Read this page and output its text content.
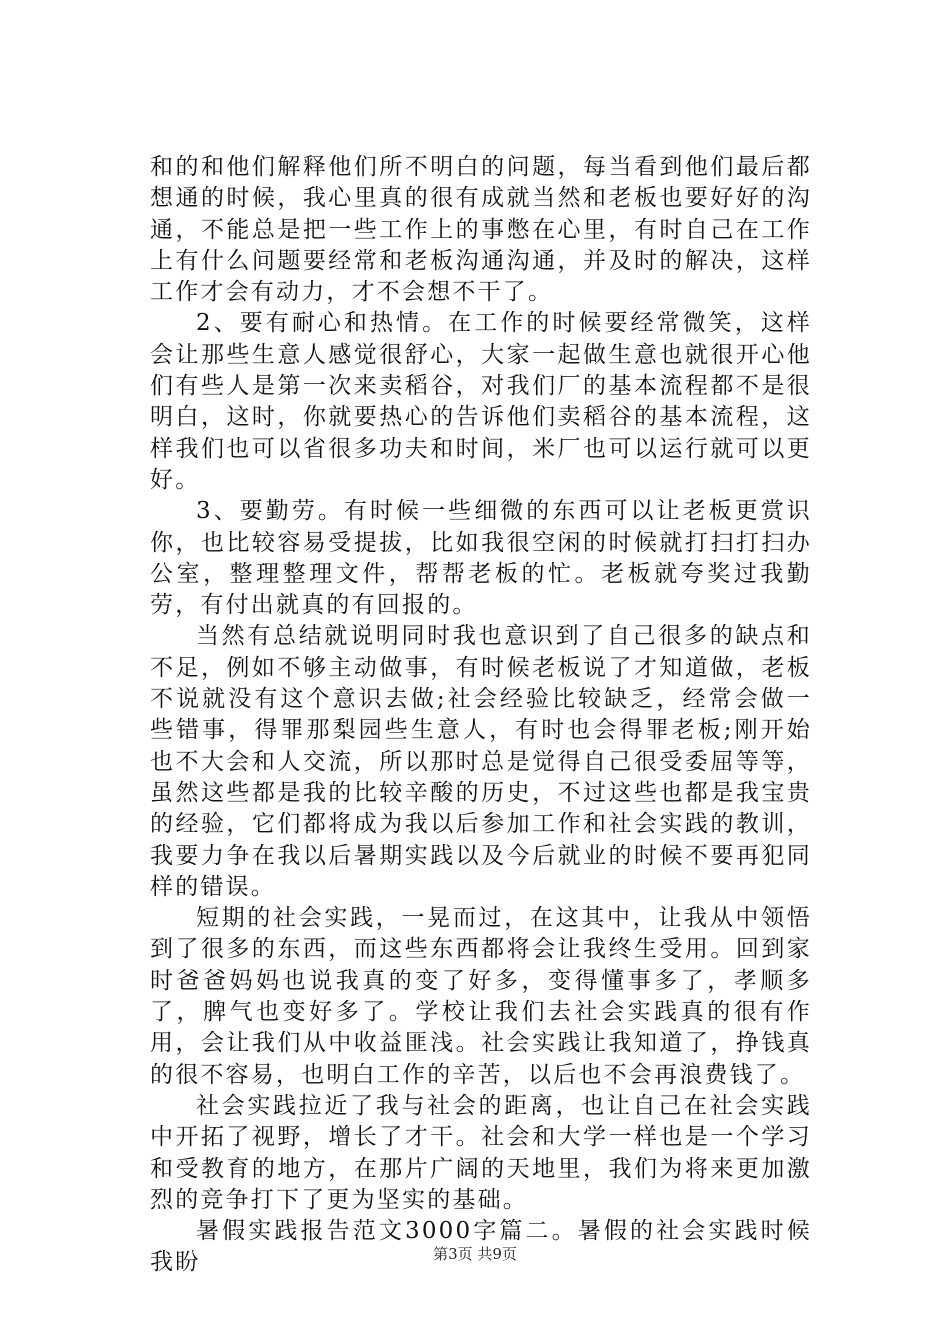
和的和他们解释他们所不明白的问题，每当看到他们最后都想通的时候，我心里真的很有成就当然和老板也要好好的沟通，不能总是把一些工作上的事憋在心里，有时自己在工作上有什么问题要经常和老板沟通沟通，并及时的解决，这样工作才会有动力，才不会想不干了。

2、要有耐心和热情。在工作的时候要经常微笑，这样会让那些生意人感觉很舒心，大家一起做生意也就很开心他们有些人是第一次来卖稻谷，对我们厂的基本流程都不是很明白，这时，你就要热心的告诉他们卖稻谷的基本流程，这样我们也可以省很多功夫和时间，米厂也可以运行就可以更好。

3、要勤劳。有时候一些细微的东西可以让老板更赏识你，也比较容易受提拔，比如我很空闲的时候就打扫打扫办公室，整理整理文件，帮帮老板的忙。老板就夸奖过我勤劳，有付出就真的有回报的。

当然有总结就说明同时我也意识到了自己很多的缺点和不足，例如不够主动做事，有时候老板说了才知道做，老板不说就没有这个意识去做;社会经验比较缺乏，经常会做一些错事，得罪那梨园些生意人，有时也会得罪老板;刚开始也不大会和人交流，所以那时总是觉得自己很受委屈等等，虽然这些都是我的比较辛酸的历史，不过这些也都是我宝贵的经验，它们都将成为我以后参加工作和社会实践的教训，我要力争在我以后暑期实践以及今后就业的时候不要再犯同样的错误。

短期的社会实践，一晃而过，在这其中，让我从中领悟到了很多的东西，而这些东西都将会让我终生受用。回到家时爸爸妈妈也说我真的变了好多，变得懂事多了，孝顺多了，脾气也变好多了。学校让我们去社会实践真的很有作用，会让我们从中收益匪浅。社会实践让我知道了，挣钱真的很不容易，也明白工作的辛苦，以后也不会再浪费钱了。

社会实践拉近了我与社会的距离，也让自己在社会实践中开拓了视野，增长了才干。社会和大学一样也是一个学习和受教育的地方，在那片广阔的天地里，我们为将来更加激烈的竞争打下了更为坚实的基础。

暑假实践报告范文3000字篇二。暑假的社会实践时候我盼	第3页 共9页
